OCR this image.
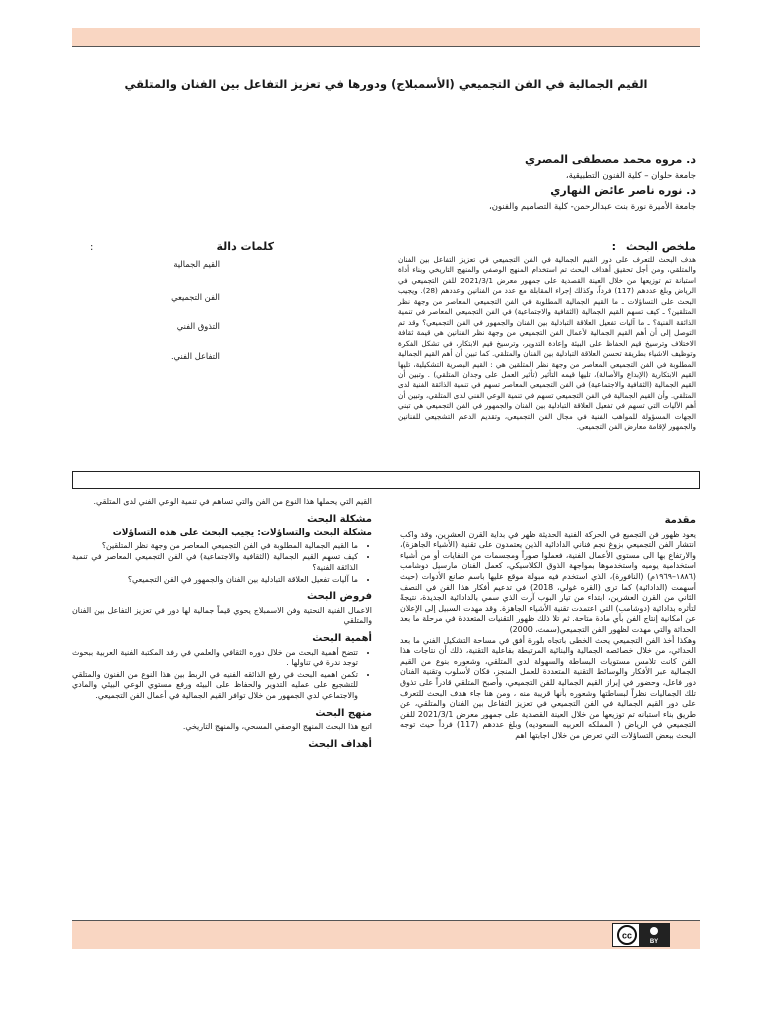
القيم الجمالية في الفن التجميعي (الأسمبلاج) ودورها في تعزيز التفاعل بين الفنان والمتلقي
د. مروه محمد مصطفى المصري
جامعة حلوان – كلية الفنون التطبيقية،
د. نوره ناصر عائض النهاري
جامعة الأميرة نورة بنت عبدالرحمن- كلية التصاميم والفنون،
ملخص البحث:
هدف البحث للتعرف على دور القيم الجمالية في الفن التجميعي في تعزيز التفاعل بين الفنان والمتلقي، ومن أجل تحقيق أهداف البحث تم استخدام المنهج الوصفي والمنهج التاريخي وبناء أداة استبانة تم توزيعها من خلال العينة القصدية على جمهور معرض 2021/3/1 للفن التجميعي في الرياض وبلغ عددهم (117) فرداً، وكذلك إجراء المقابلة مع عدد من الفنانين وعددهم (28). ويجيب البحث على التساؤلات ـ ما القيم الجمالية المطلوبة في الفن التجميعي المعاصر من وجهة نظر المتلقين؟ ـ كيف تسهم القيم الجمالية (الثقافية والاجتماعية) في الفن التجميعي المعاصر في تنمية الذائقة الفنية؟ ـ ما آليات تفعيل العلاقة التبادلية بين الفنان والجمهور في الفن التجميعي؟ وقد تم التوصل إلى أن أهم القيم الجمالية لأعمال الفن التجميعي من وجهة نظر الفنانين هي قيمة ثقافة الاختلاف وترسيخ قيم الحفاظ على البيئة وإعادة التدوير، وترسيخ قيم الابتكار، في تشكل الفكرة وتوظيف الاشياء بطريقة تحسن العلاقة التبادلية بين الفنان والمتلقي. كما تبين أن أهم القيم الجمالية المطلوبة في الفن التجميعي المعاصر من وجهة نظر المتلقين هي : القيم البصرية التشكيلية، تليها القيم الابتكارية (الإبداع والأصالة)، تليها قيمه التأثير (تأثير العمل على وجدان المتلقي) . وتبين أن القيم الجمالية (الثقافية والاجتماعية) في الفن التجميعي المعاصر تسهم في تنمية الذائقة الفنية لدى المتلقي. وأن القيم الجمالية في الفن التجميعي تسهم في تنمية الوعي الفني لدى المتلقي، وتبين أن أهم الآليات التي تسهم في تفعيل العلاقة التبادلية بين الفنان والجمهور في الفن التجميعي هي تبني الجهات المسؤولة للمواهب الفنية في مجال الفن التجميعي، وتقديم الدعم التشجيعي للفنانين والجمهور لإقامة معارض الفن التجميعي.
كلمات دالة
:
القيم الجمالية
الفن التجميعي
التذوق الفني
التفاعل الفني.
مقدمة

يعود ظهور فن التجميع في الحركة الفنية الحديثة ظهر في بداية القرن العشرين، وقد واكب انتشار الفن التجميعي بزوغ نجم فناني الدادائية الذين يعتمدون على تقنية (الأشياء الجاهزة)، والارتفاع بها الى مستوى الأعمال الفنية، فعملوا صوراً ومجسمات من النفايات أو من أشياء استخدامية يوميه واستخدموها بمواجهة الذوق الكلاسيكي، كعمل الفنان مارسيل دوشامب (١٨٨٦–١٩٦٩م) (النافورة)، الذي استخدم فيه مبولة موقع عليها باسم صانع الأدوات (حيث أسهمت (الدادائية) كما ترى (القره غولي، 2018) في تدعيم أفكار هذا الفن في النصف الثاني من القرن العشرين، ابتداء من تيار البوب آرت الذي سمي بالدادائية الجديدة، نتيجةً لتأثره بدادائية (دوشامب) التي اعتمدت تقنية الأشياء الجاهزة. وقد مهدت السبيل إلى الإعلان عن امكانية إنتاج الفن بأي مادة متاحة. ثم تلا ذلك ظهور التقنيات المتعددة في مرحلة ما بعد الحداثة والتي مهدت لظهور الفن التجميعي(سمث، 2000)

وهكذا أخذ الفن التجميعي يحث الخطى باتجاه بلورة أفق في مساحة التشكيل الفني ما بعد الحداثي، من خلال خصائصه الجمالية والبنائية المرتبطة بفاعلية التقنية، ذلك أن نتاجات هذا الفن كانت تلامس مستويات البساطة والسهولة لدى المتلقي، وشعوره بنوع من القيم الجمالية عبر الأفكار والوسائط التقنية المتعددة للعمل المنجز، فكان لأسلوب وتقنية الفنان دور فاعل، وحضور في إبراز القيم الجمالية للفن التجميعي، وأصبح المتلقي قادراً على تذوق تلك الجماليات نظراً لبساطتها وشعوره بأنها قريبة منه ، ومن هنا جاء هدف البحث للتعرف على دور القيم الجمالية في الفن التجميعي في تعزيز التفاعل بين الفنان والمتلقي، عن طريق بناء استبانه تم توزيعها من خلال العينة القصدية على جمهور معرض 2021/3/1 للفن التجميعي في الرياض ( المملكه العربيه السعوديه) وبلغ عددهم (117) فرداً حيث توجه البحث ببعض التساؤلات التي تعرض من خلال اجابتها اهم

القيم التي يحملها هذا النوع من الفن والتي تساهم في تنمية الوعي الفني لدى المتلقي.

مشكلة البحث
مشكلة البحث والتساؤلات: يجيب البحث على هذه التساؤلات
• ما القيم الجمالية المطلوبة في الفن التجميعي المعاصر من وجهة نظر المتلقين؟
• كيف تسهم القيم الجمالية (الثقافية والاجتماعية) في الفن التجميعي المعاصر في تنمية الذائقة الفنية؟
• ما آليات تفعيل العلاقة التبادلية بين الفنان والجمهور في الفن التجميعي؟
فروض البحث

الاعمال الفنية النحتية وفن الاسمبلاج يحوي قيماً جمالية لها دور في تعزيز التفاعل بين الفنان والمتلقي

أهمية البحث
• تتضح أهمية البحث من خلال دوره الثقافي والعلمي في رفد المكتبة الفنية العربية ببحوث توجد ندرة في تناولها .
• تكمن اهميه البحث في رفع الذائقه الفنيه في الربط بين هذا النوع من الفنون والمتلقي للتشجيع على عمليه التدوير والحفاظ على البيئه ورفع مستوي الوعي البيئي والمادي والاجتماعي لدي الجمهور من خلال توافر القيم الجمالية في أعمال الفن التجميعي.
منهج البحث

اتبع هذا البحث المنهج الوصفي المسحي، والمنهج التاريخي.

أهداف البحث
cc
BY
